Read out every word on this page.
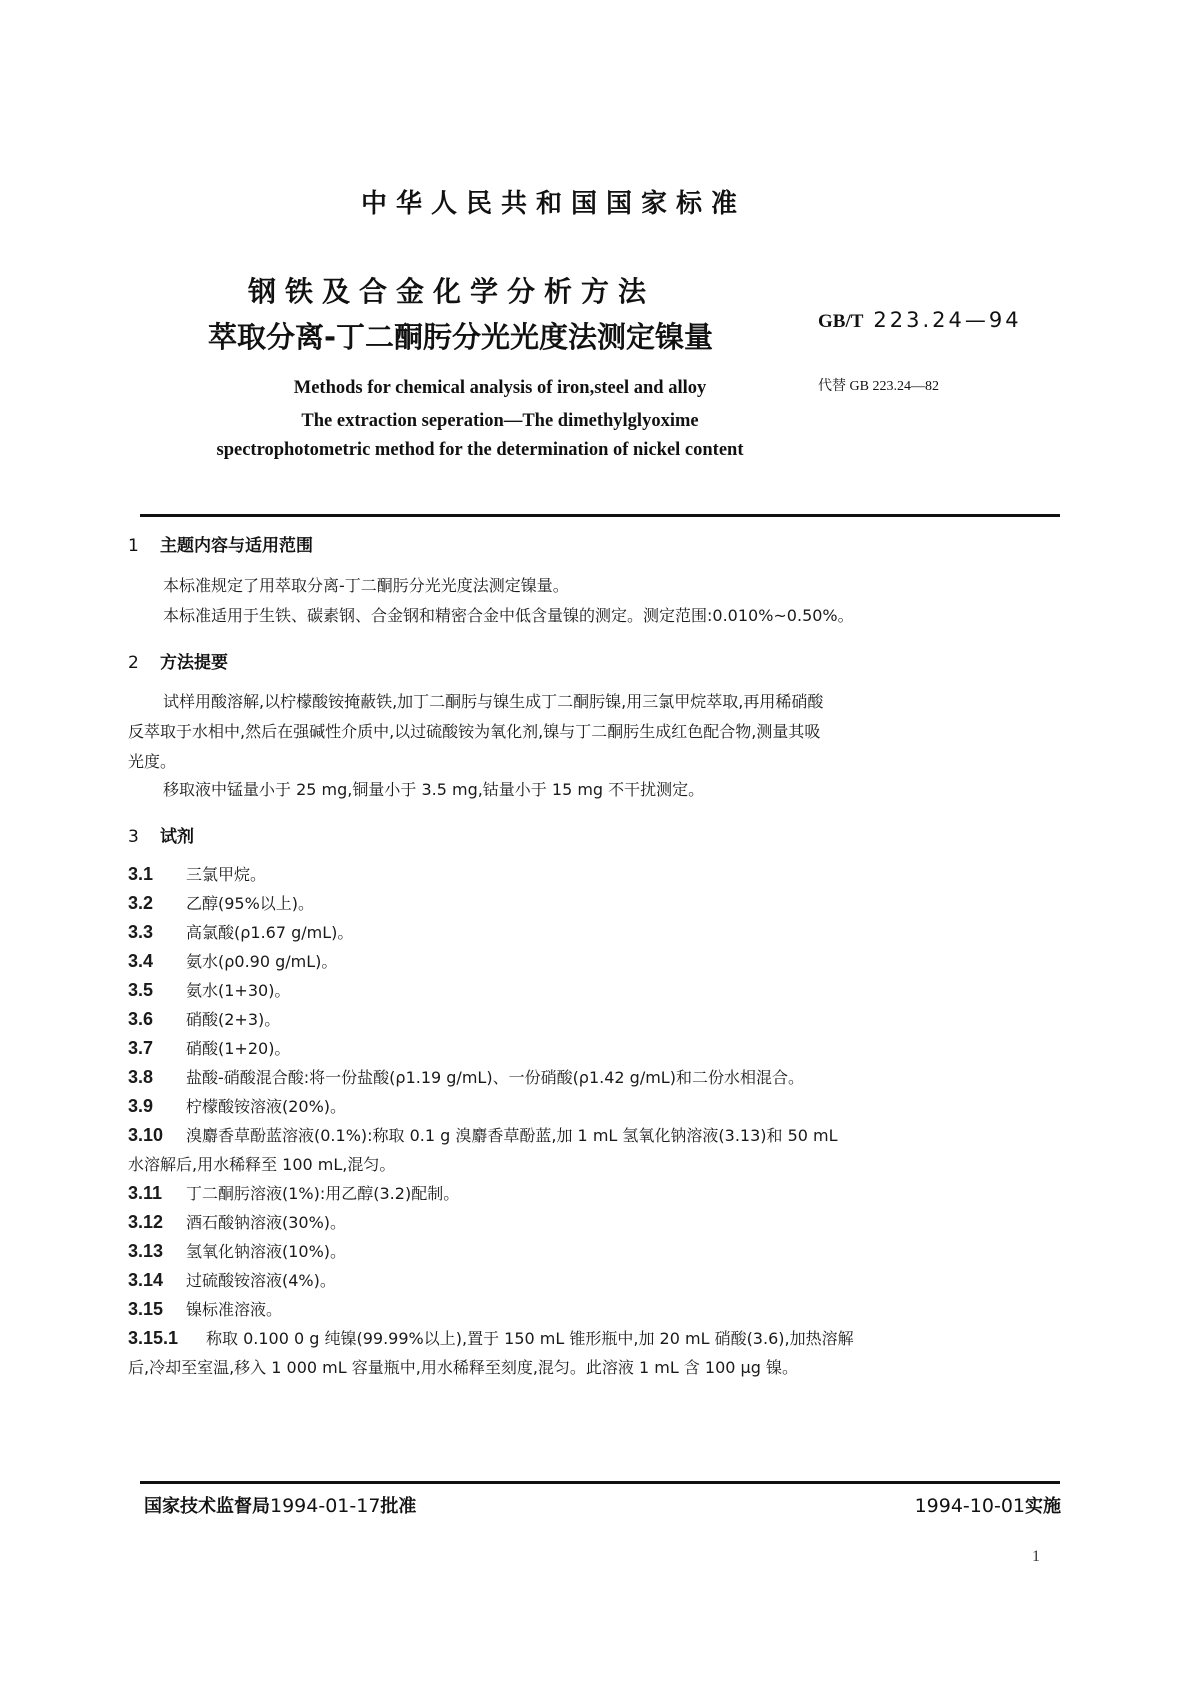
中华人民共和国国家标准
钢铁及合金化学分析方法
萃取分离-丁二酮肟分光光度法测定镍量	GB/T 223.24—94
代替 GB 223.24—82
Methods for chemical analysis of iron,steel and alloy
The extraction seperation—The dimethylglyoxime
spectrophotometric method for the determination of nickel content
1 主题内容与适用范围
本标准规定了用萃取分离-丁二酮肟分光光度法测定镍量。
本标准适用于生铁、碳素钢、合金钢和精密合金中低含量镍的测定。测定范围:0.010%~0.50%。
2 方法提要
试样用酸溶解,以柠檬酸铵掩蔽铁,加丁二酮肟与镍生成丁二酮肟镍,用三氯甲烷萃取,再用稀硝酸
反萃取于水相中,然后在强碱性介质中,以过硫酸铵为氧化剂,镍与丁二酮肟生成红色配合物,测量其吸
光度。
移取液中锰量小于 25 mg,铜量小于 3.5 mg,钴量小于 15 mg 不干扰测定。
3 试剂
3.1 三氯甲烷。
3.2 乙醇(95%以上)。
3.3 高氯酸(ρ1.67 g/mL)。
3.4 氨水(ρ0.90 g/mL)。
3.5 氨水(1+30)。
3.6 硝酸(2+3)。
3.7 硝酸(1+20)。
3.8 盐酸-硝酸混合酸:将一份盐酸(ρ1.19 g/mL)、一份硝酸(ρ1.42 g/mL)和二份水相混合。
3.9 柠檬酸铵溶液(20%)。
3.10 溴麝香草酚蓝溶液(0.1%):称取 0.1 g 溴麝香草酚蓝,加 1 mL 氢氧化钠溶液(3.13)和 50 mL
水溶解后,用水稀释至 100 mL,混匀。
3.11 丁二酮肟溶液(1%):用乙醇(3.2)配制。
3.12 酒石酸钠溶液(30%)。
3.13 氢氧化钠溶液(10%)。
3.14 过硫酸铵溶液(4%)。
3.15 镍标准溶液。
3.15.1 称取 0.100 0 g 纯镍(99.99%以上),置于 150 mL 锥形瓶中,加 20 mL 硝酸(3.6),加热溶解
后,冷却至室温,移入 1 000 mL 容量瓶中,用水稀释至刻度,混匀。此溶液 1 mL 含 100 μg 镍。
国家技术监督局1994-01-17批准	1994-10-01实施
1
